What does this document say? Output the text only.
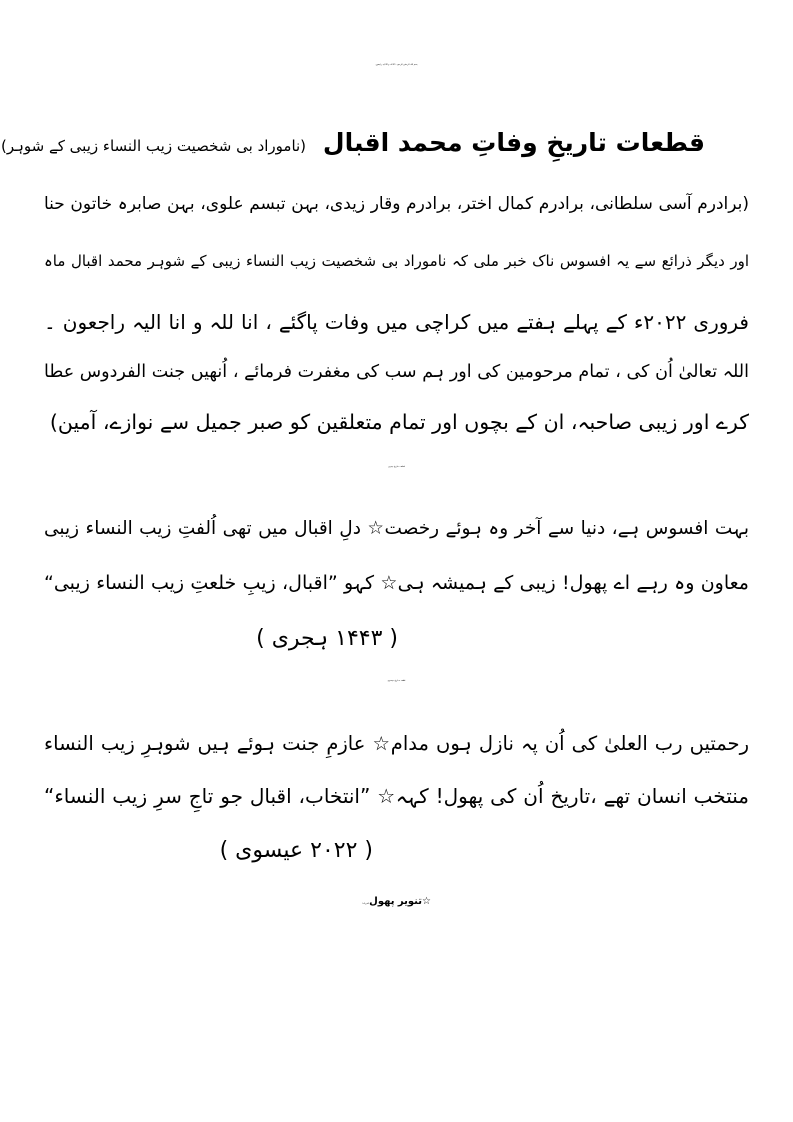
بسم اللہ الرحمٰن الرحیم ☆انّا للہ و انّا الیہ راجعون
قطعات تاریخِ وفاتِ محمد اقبال (ناموراد بی شخصیت زیب النساء زیبی کے شوہر)
(برادرم آسی سلطانی، برادرم کمال اختر، برادرم وقار زیدی، بہن تبسم علوی، بہن صابرہ خاتون حنا
اور دیگر ذرائع سے یہ افسوس ناک خبر ملی کہ ناموراد بی شخصیت زیب النساء زیبی کے شوہر محمد اقبال ماہ
فروری ۲۰۲۲ء کے پہلے ہفتے میں کراچی میں وفات پاگئے ، انا للہ و انا الیہ راجعون ۔
اللہ تعالیٰ اُن کی ، تمام مرحومین کی اور ہم سب کی مغفرت فرمائے ، اُنھیں جنت الفردوس عطا
کرے اور زیبی صاحبہ، ان کے بچوں اور تمام متعلقین کو صبر جمیل سے نوازے، آمین)
قطعہ ء تاریخ ہجری
بہت افسوس ہے، دنیا سے آخر وہ ہوئے رخصت☆ دلِ اقبال میں تھی اُلفتِ زیب النساء زیبی
معاون وہ رہے اے پھول! زیبی کے ہمیشہ ہی☆ کہو ”اقبال، زیبِ خلعتِ زیب النساء زیبی“
( ۱۴۴۳ ہجری )
قطعہ ء تاریخ عیسوی
رحمتیں رب العلیٰ کی اُن پہ نازل ہوں مدام☆ عازمِ جنت ہوئے ہیں شوہرِ زیب النساء
منتخب انسان تھے ،تاریخ اُن کی پھول! کہہ☆ ”انتخاب، اقبال جو تاجِ سرِ زیب النساء“
( ۲۰۲۲ عیسوی )
☆تنویر پھول (امریکہ)
